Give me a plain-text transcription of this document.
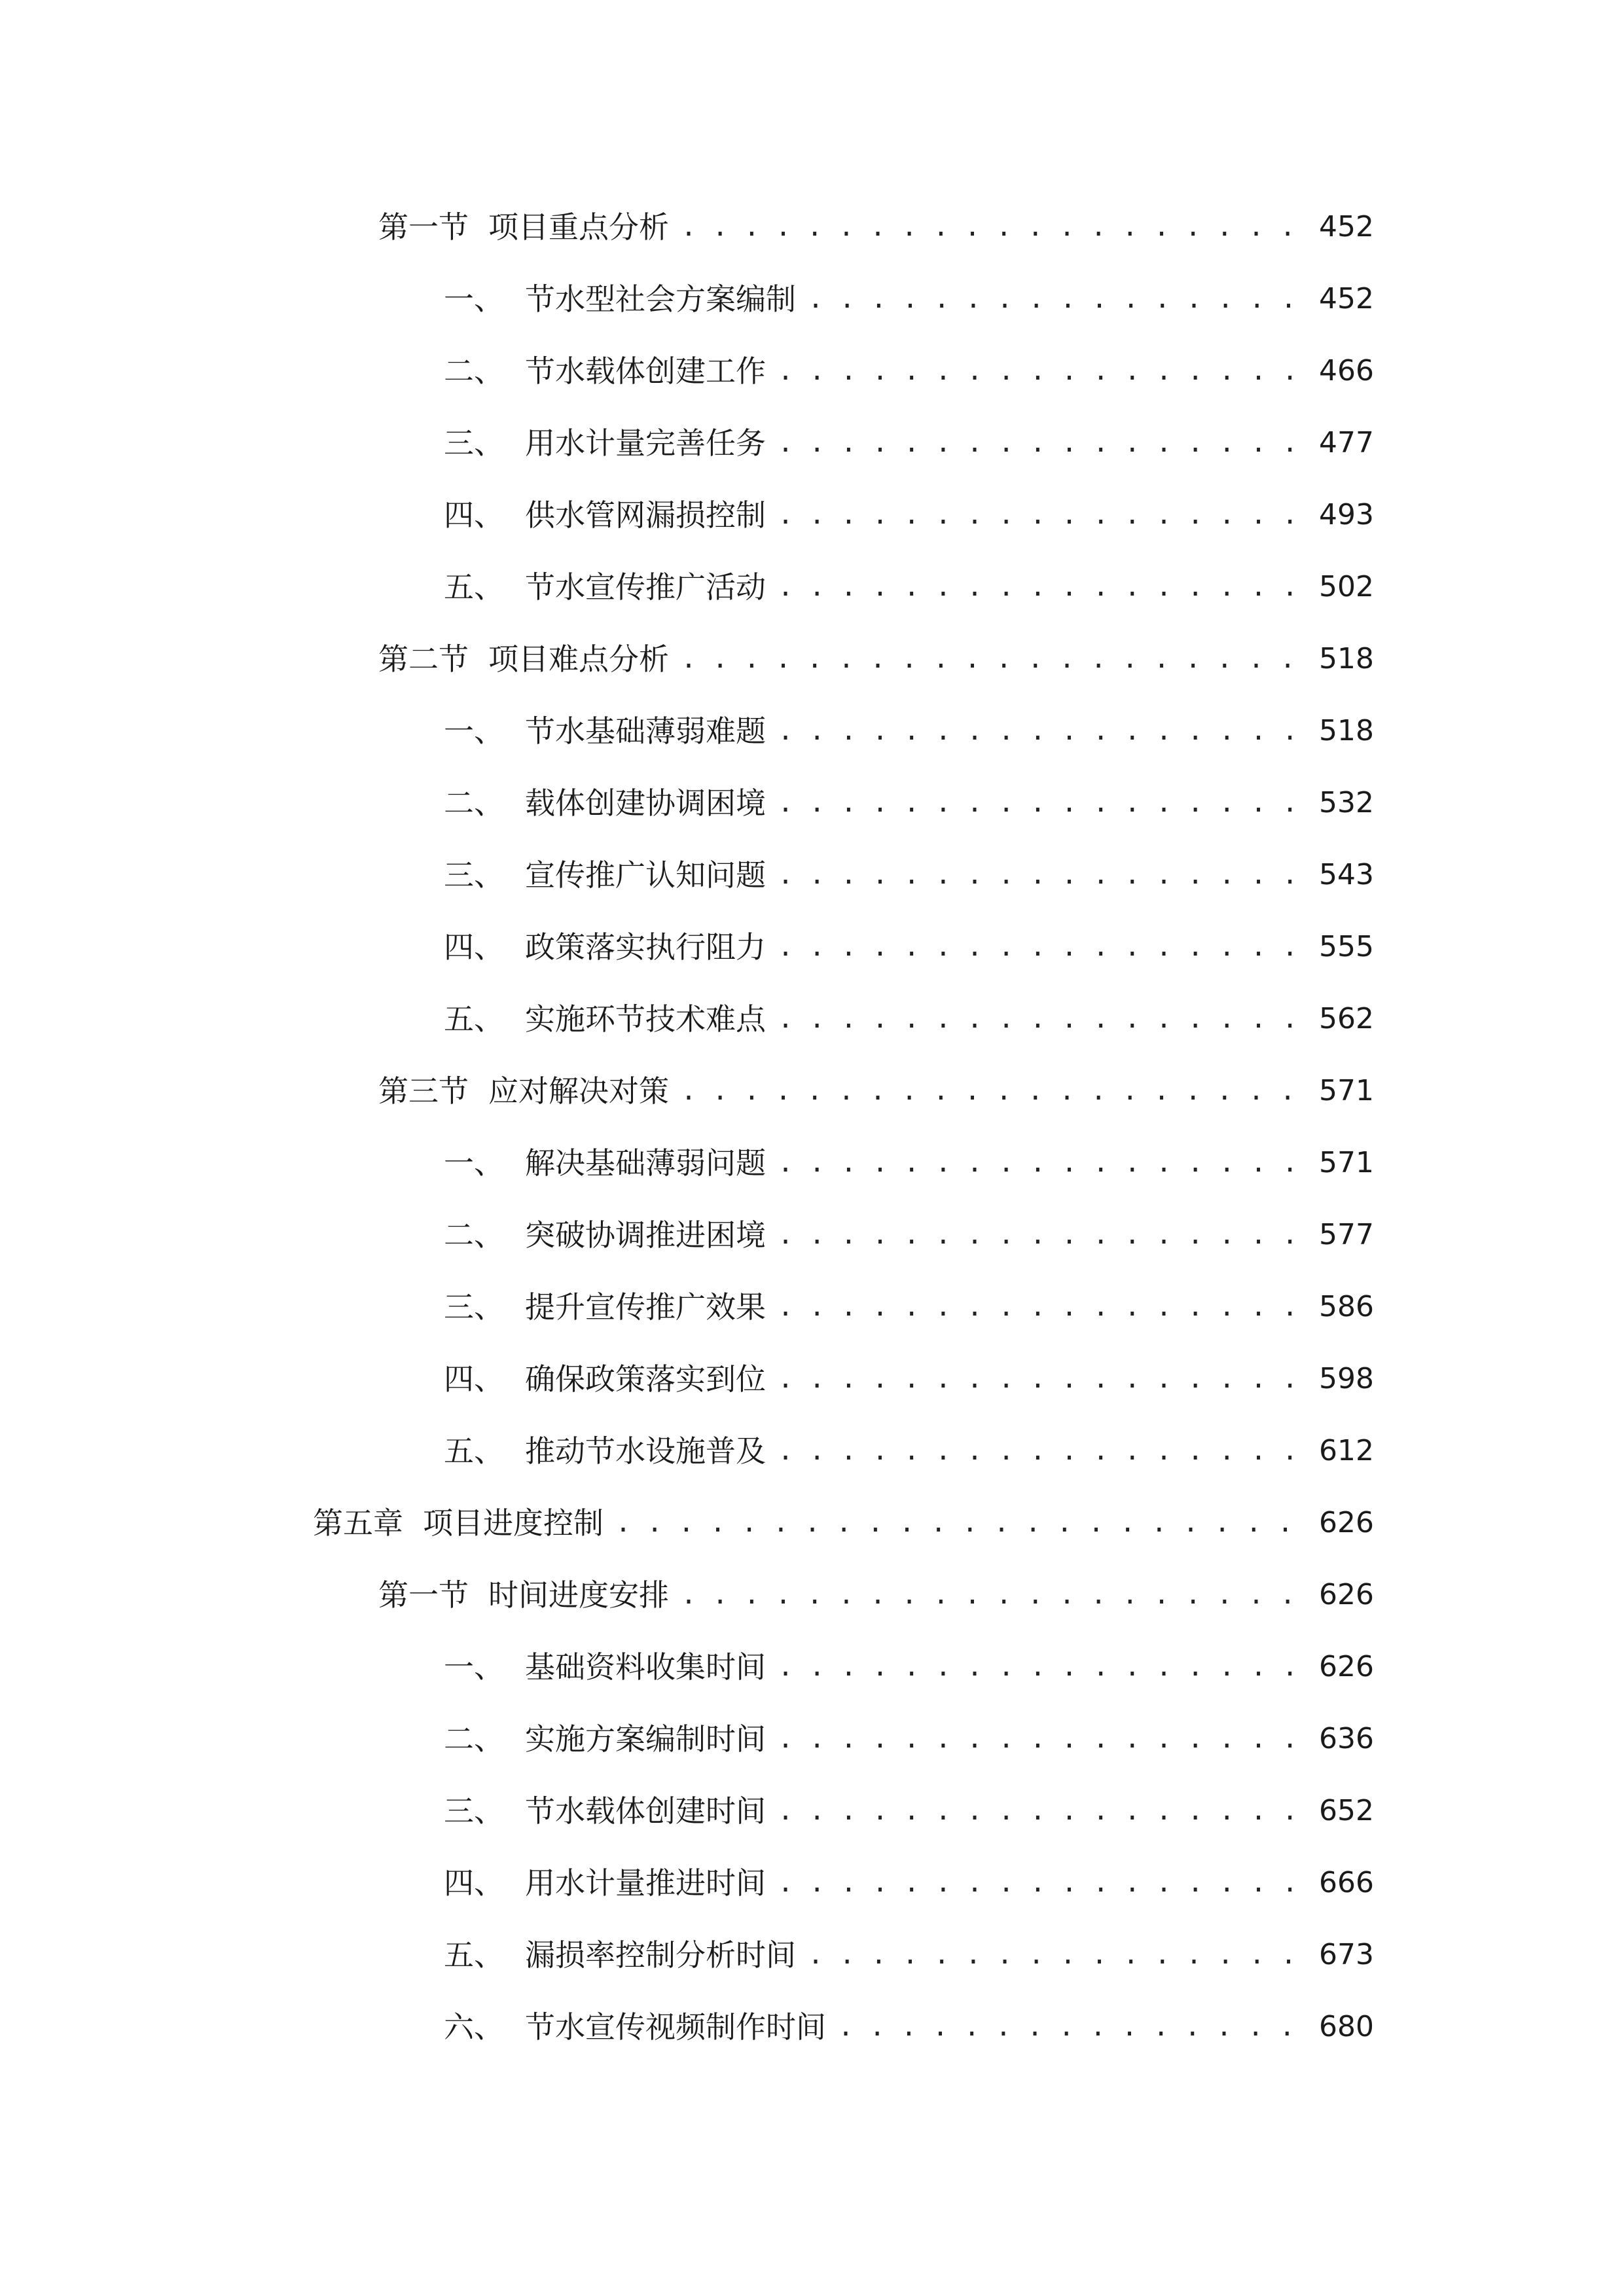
第一节 项目重点分析 . . .	452
一、 节水型社会方案编制 . . .	452
二、 节水载体创建工作 . . .	466
三、 用水计量完善任务 . . .	477
四、 供水管网漏损控制 . . .	493
五、 节水宣传推广活动 . . .	502
第二节 项目难点分析 . . .	518
一、 节水基础薄弱难题 . . .	518
二、 载体创建协调困境 . . .	532
三、 宣传推广认知问题 . . .	543
四、 政策落实执行阻力 . . .	555
五、 实施环节技术难点 . . .	562
第三节 应对解决对策 . . .	571
一、 解决基础薄弱问题 . . .	571
二、 突破协调推进困境 . . .	577
三、 提升宣传推广效果 . . .	586
四、 确保政策落实到位 . . .	598
五、 推动节水设施普及 . . .	612
第五章 项目进度控制 . . .	626
第一节 时间进度安排 . . .	626
一、 基础资料收集时间 . . .	626
二、 实施方案编制时间 . . .	636
三、 节水载体创建时间 . . .	652
四、 用水计量推进时间 . . .	666
五、 漏损率控制分析时间 . . .	673
六、 节水宣传视频制作时间 . . .	680
